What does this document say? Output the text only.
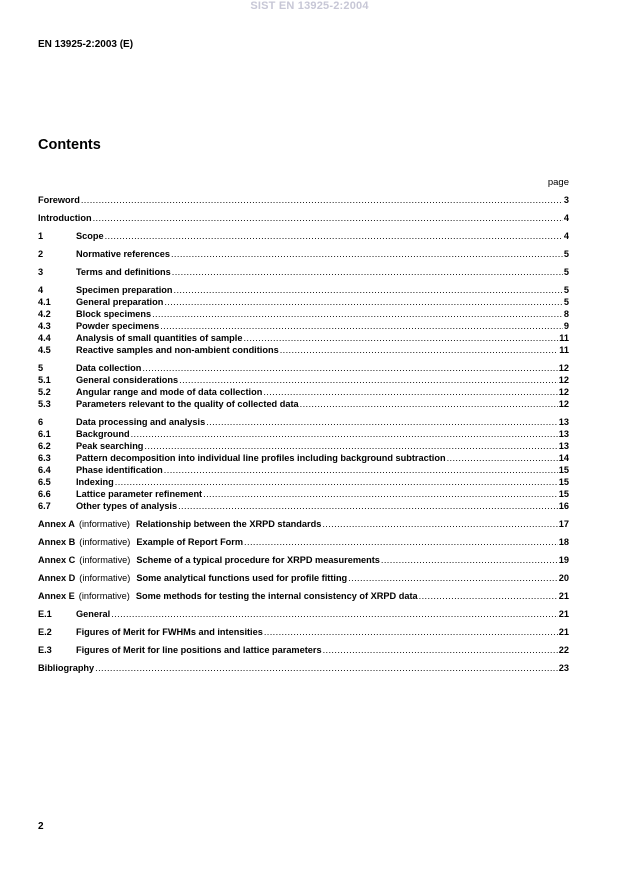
SIST EN 13925-2:2004
EN 13925-2:2003 (E)
Contents
page
Foreword .....	3
Introduction .....	4
1	Scope .....	4
2	Normative references .....	5
3	Terms and definitions .....	5
4	Specimen preparation .....	5
4.1	General preparation .....	5
4.2	Block specimens .....	8
4.3	Powder specimens .....	9
4.4	Analysis of small quantities of sample .....	11
4.5	Reactive samples and non-ambient conditions .....	11
5	Data collection .....	12
5.1	General considerations .....	12
5.2	Angular range and mode of data collection .....	12
5.3	Parameters relevant to the quality of collected data .....	12
6	Data processing and analysis .....	13
6.1	Background .....	13
6.2	Peak searching .....	13
6.3	Pattern decomposition into individual line profiles including background subtraction .....	14
6.4	Phase identification .....	15
6.5	Indexing .....	15
6.6	Lattice parameter refinement .....	15
6.7	Other types of analysis .....	16
Annex A (informative) Relationship between the XRPD standards .....	17
Annex B (informative) Example of Report Form .....	18
Annex C (informative) Scheme of a typical procedure for XRPD measurements .....	19
Annex D (informative) Some analytical functions used for profile fitting .....	20
Annex E (informative) Some methods for testing the internal consistency of XRPD data .....	21
E.1	General .....	21
E.2	Figures of Merit for FWHMs and intensities .....	21
E.3	Figures of Merit for line positions and lattice parameters .....	22
Bibliography .....	23
2
